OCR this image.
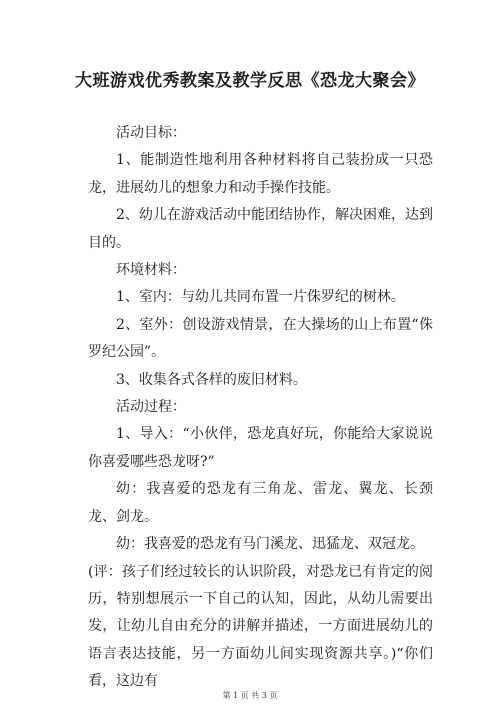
大班游戏优秀教案及教学反思《恐龙大聚会》

活动目标：

1、能制造性地利用各种材料将自己装扮成一只恐龙，进展幼儿的想象力和动手操作技能。

2、幼儿在游戏活动中能团结协作，解决困难，达到目的。

环境材料：

1、室内：与幼儿共同布置一片侏罗纪的树林。

2、室外：创设游戏情景，在大操场的山上布置“侏罗纪公园”。

3、收集各式各样的废旧材料。

活动过程：

1、导入：“小伙伴，恐龙真好玩，你能给大家说说你喜爱哪些恐龙呀?”

幼：我喜爱的恐龙有三角龙、雷龙、翼龙、长颈龙、剑龙。

幼：我喜爱的恐龙有马门溪龙、迅猛龙、双冠龙。

(评：孩子们经过较长的认识阶段，对恐龙已有肯定的阅历，特别想展示一下自己的认知，因此，从幼儿需要出发，让幼儿自由充分的讲解并描述，一方面进展幼儿的语言表达技能，另一方面幼儿间实现资源共享。)“你们看，这边有

第 1 页 共 3 页
